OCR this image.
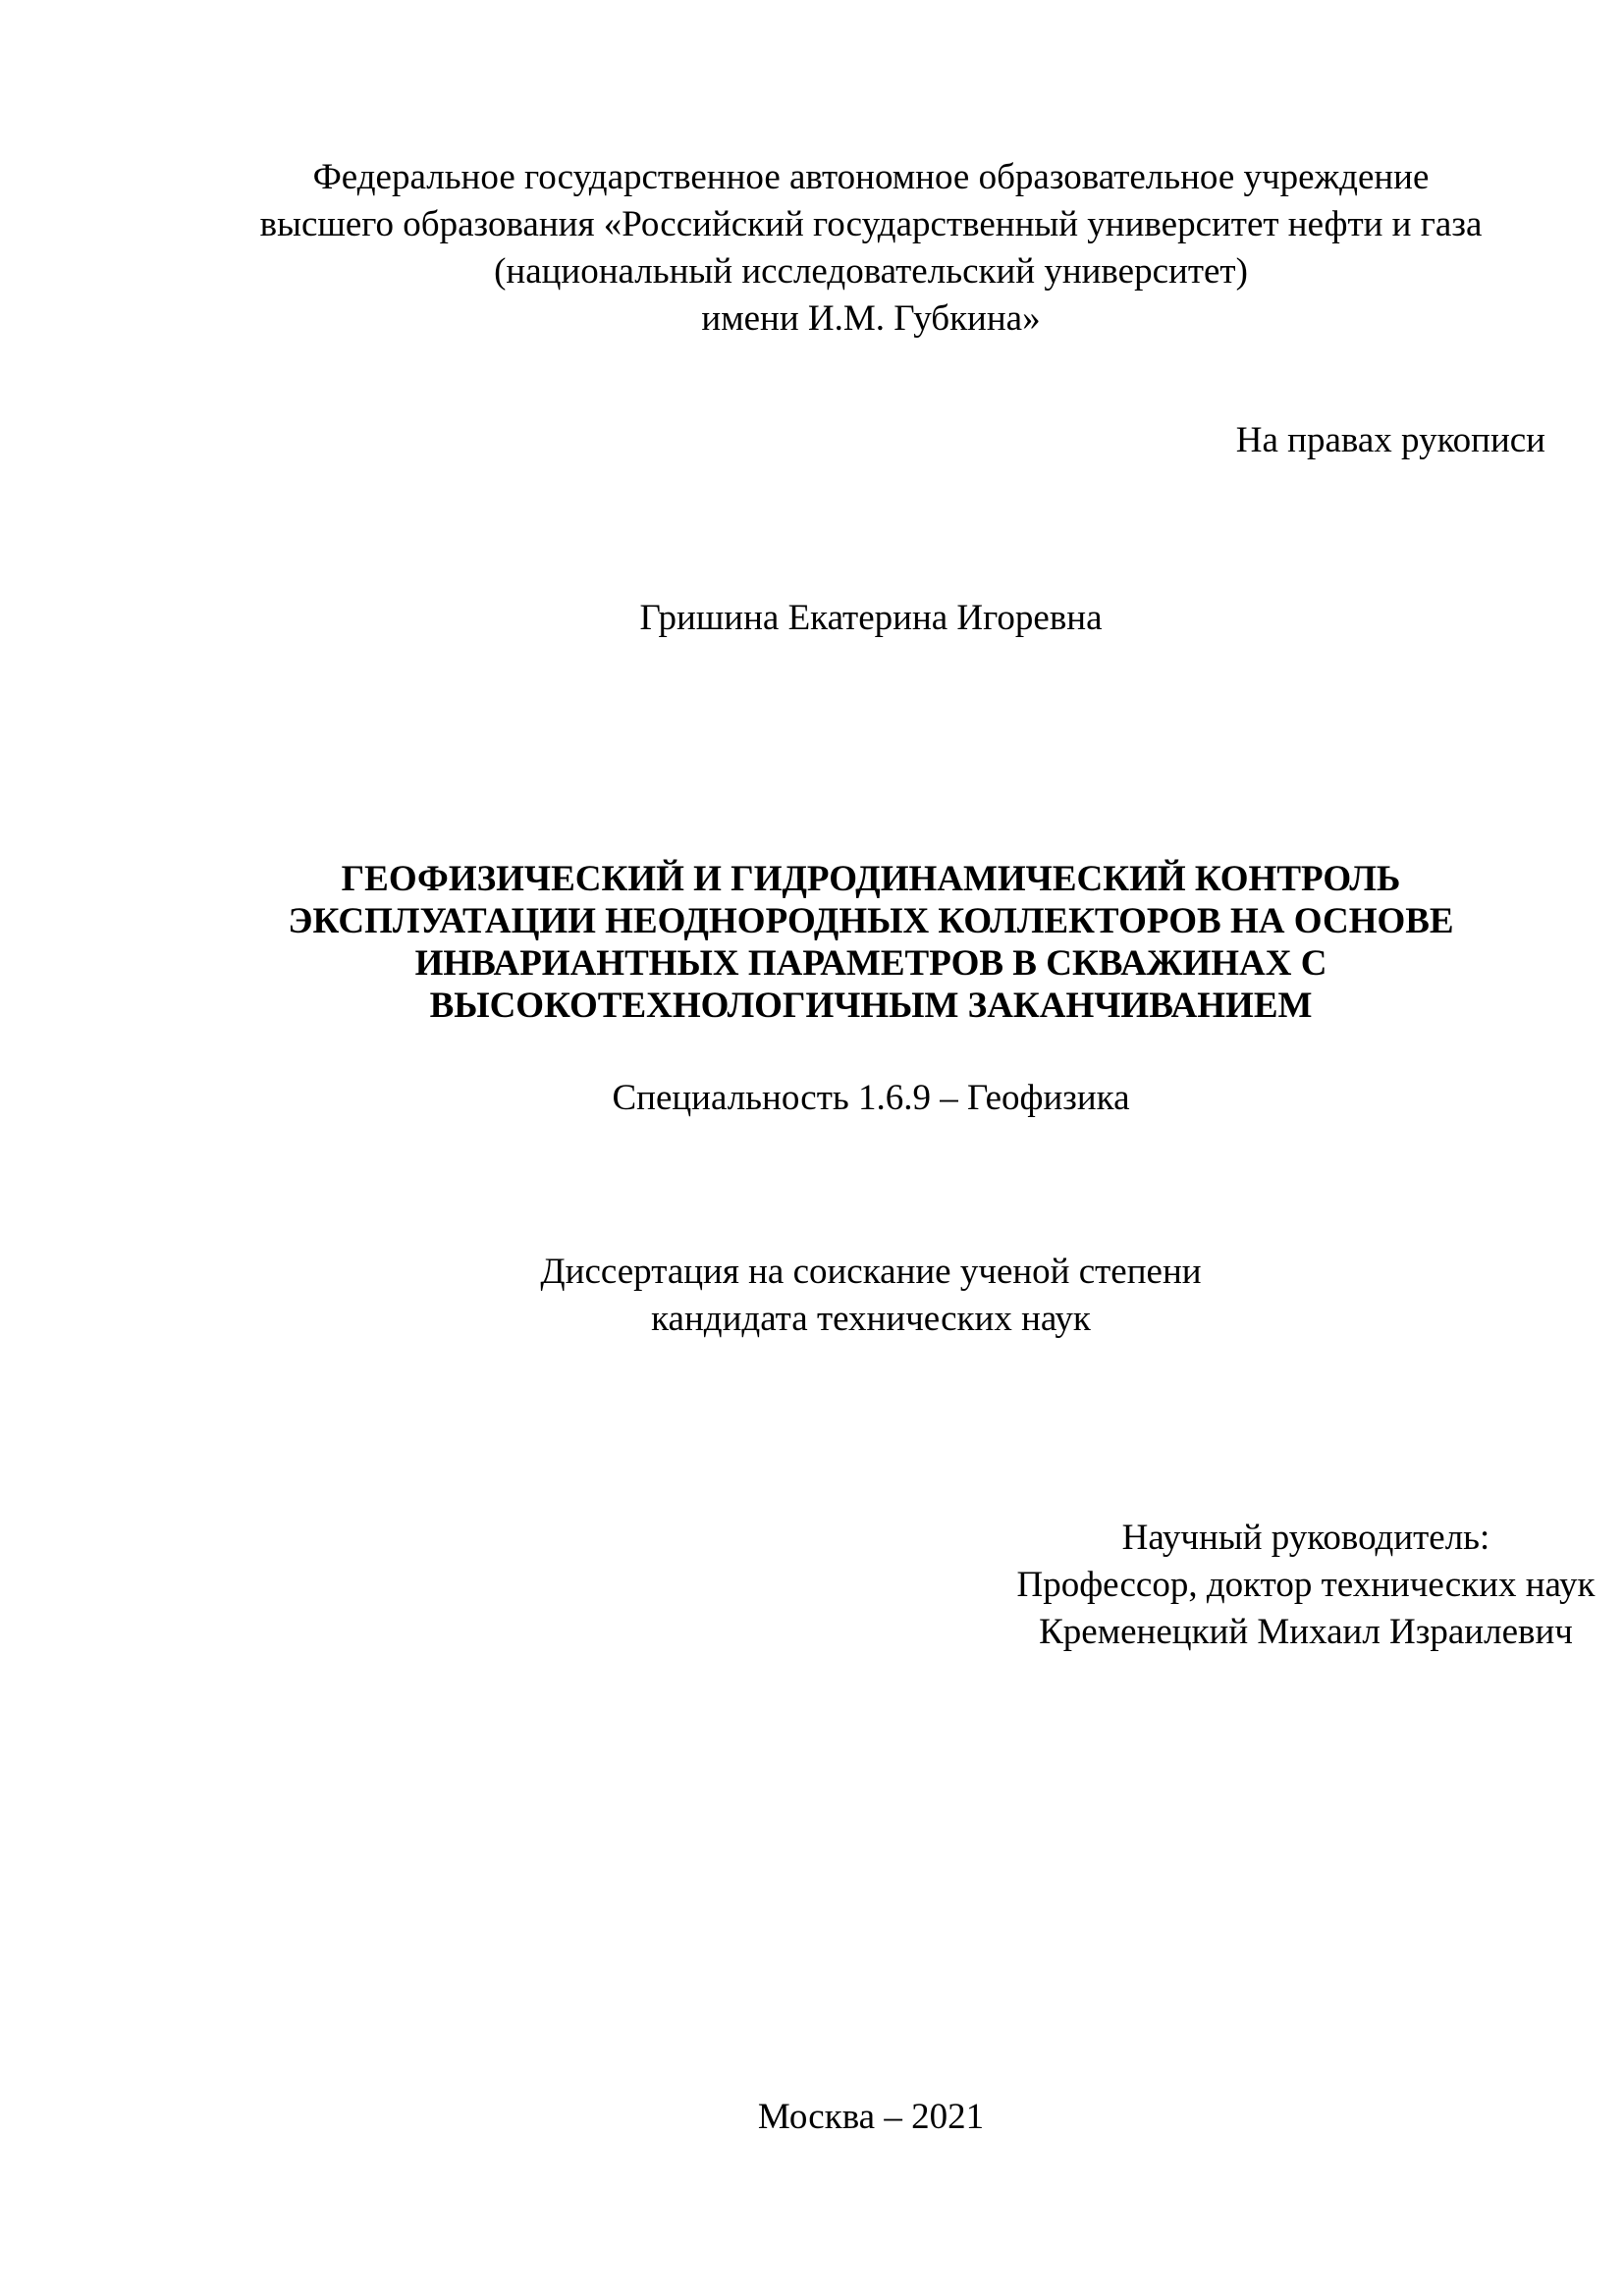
Федеральное государственное автономное образовательное учреждение
высшего образования «Российский государственный университет нефти и газа
(национальный исследовательский университет)
имени И.М. Губкина»
На правах рукописи
Гришина Екатерина Игоревна
ГЕОФИЗИЧЕСКИЙ И ГИДРОДИНАМИЧЕСКИЙ КОНТРОЛЬ
ЭКСПЛУАТАЦИИ НЕОДНОРОДНЫХ КОЛЛЕКТОРОВ НА ОСНОВЕ
ИНВАРИАНТНЫХ ПАРАМЕТРОВ В СКВАЖИНАХ С
ВЫСОКОТЕХНОЛОГИЧНЫМ ЗАКАНЧИВАНИЕМ
Специальность 1.6.9 – Геофизика
Диссертация на соискание ученой степени
кандидата технических наук
Научный руководитель:
Профессор, доктор технических наук
Кременецкий Михаил Израилевич
Москва – 2021
